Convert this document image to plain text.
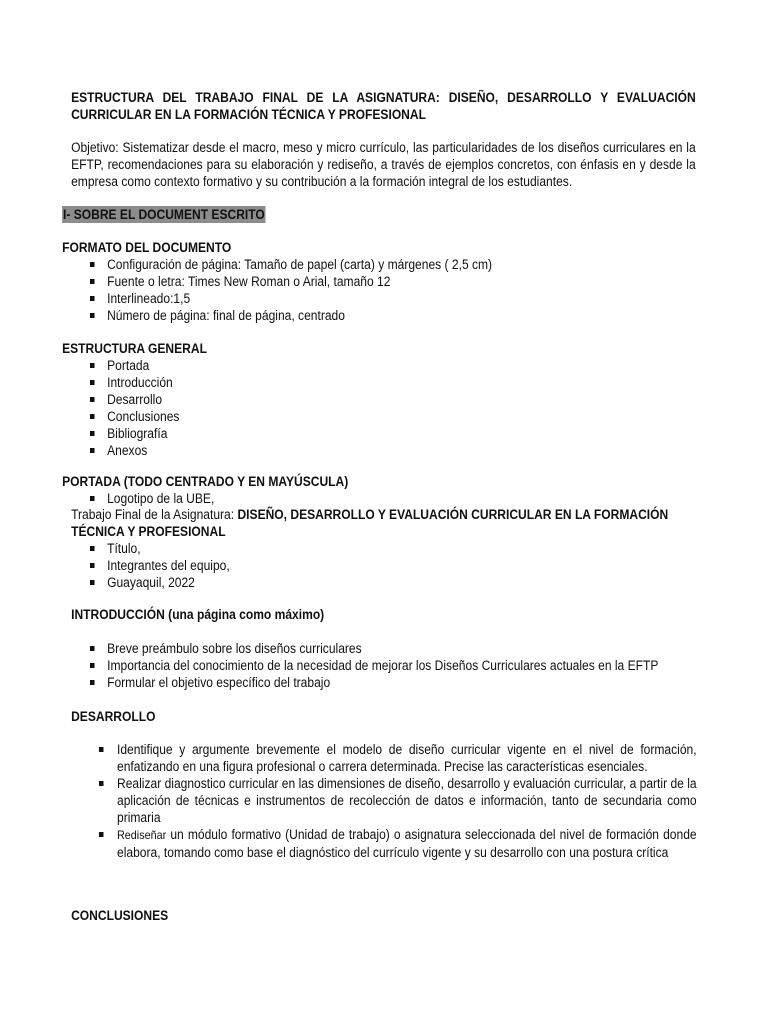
ESTRUCTURA DEL TRABAJO FINAL DE LA ASIGNATURA: DISEÑO, DESARROLLO Y EVALUACIÓN CURRICULAR EN LA FORMACIÓN TÉCNICA Y PROFESIONAL

Objetivo: Sistematizar desde el macro, meso y micro currículo, las particularidades de los diseños curriculares en la EFTP, recomendaciones para su elaboración y rediseño, a través de ejemplos concretos, con énfasis en y desde la empresa como contexto formativo y su contribución a la formación integral de los estudiantes.

I- SOBRE EL DOCUMENT ESCRITO

FORMATO DEL DOCUMENTO

Configuración de página: Tamaño de papel (carta) y márgenes ( 2,5 cm)
Fuente o letra: Times New Roman o Arial, tamaño 12
Interlineado:1,5
Número de página: final de página, centrado

ESTRUCTURA GENERAL

Portada
Introducción
Desarrollo
Conclusiones
Bibliografía
Anexos

PORTADA (TODO CENTRADO Y EN MAYÚSCULA)

Logotipo de la UBE,

Trabajo Final de la Asignatura: DISEÑO, DESARROLLO Y EVALUACIÓN CURRICULAR EN LA FORMACIÓN TÉCNICA Y PROFESIONAL

Título,
Integrantes del equipo,
Guayaquil, 2022

INTRODUCCIÓN (una página como máximo)

Breve preámbulo sobre los diseños curriculares
Importancia del conocimiento de la necesidad de mejorar los Diseños Curriculares actuales en la EFTP
Formular el objetivo específico del trabajo

DESARROLLO

Identifique y argumente brevemente el modelo de diseño curricular vigente en el nivel de formación, enfatizando en una figura profesional o carrera determinada. Precise las características esenciales.
Realizar diagnostico curricular en las dimensiones de diseño, desarrollo y evaluación curricular, a partir de la aplicación de técnicas e instrumentos de recolección de datos e información, tanto de secundaria como primaria
Rediseñar un módulo formativo (Unidad de trabajo) o asignatura seleccionada del nivel de formación donde elabora, tomando como base el diagnóstico del currículo vigente y su desarrollo con una postura crítica

CONCLUSIONES
